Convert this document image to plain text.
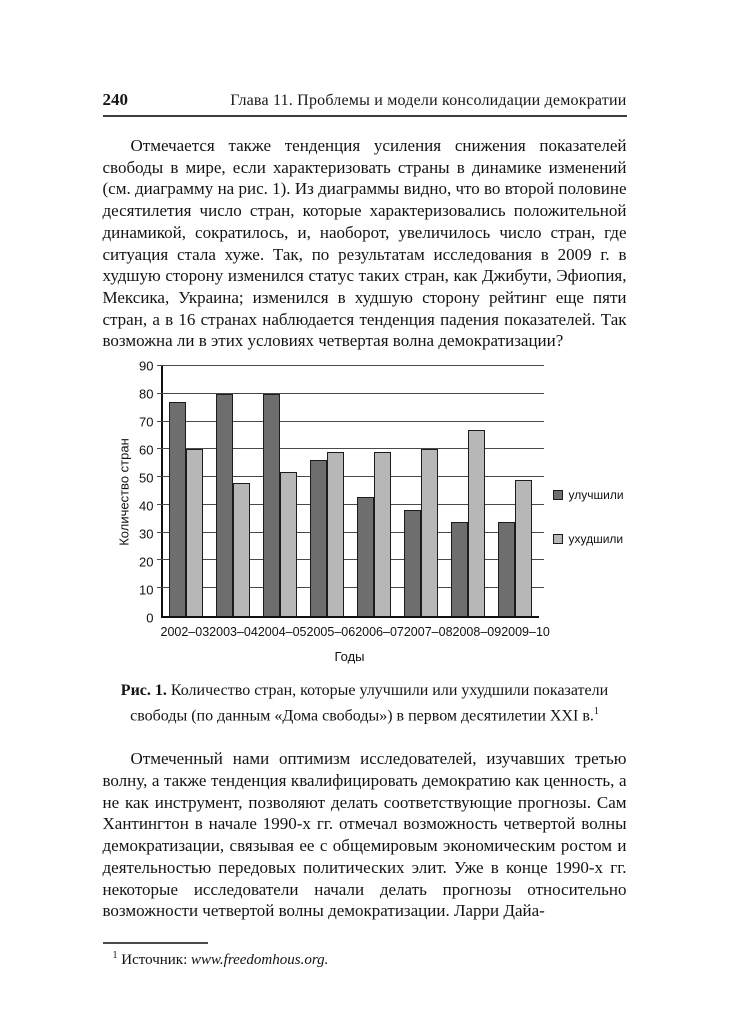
240	Глава 11. Проблемы и модели консолидации демократии

Отмечается также тенденция усиления снижения показателей свободы в мире, если характеризовать страны в динамике изменений (см. диаграмму на рис. 1). Из диаграммы видно, что во второй половине десятилетия число стран, которые характеризовались положительной динамикой, сократилось, и, наоборот, увеличилось число стран, где ситуация стала хуже. Так, по результатам исследования в 2009 г. в худшую сторону изменился статус таких стран, как Джибути, Эфиопия, Мексика, Украина; изменился в худшую сторону рейтинг еще пяти стран, а в 16 странах наблюдается тенденция падения показателей. Так возможна ли в этих условиях четвертая волна демократизации?

Количество стран
90
80
70
60
50
40
30
20
10
0
2002–03 2003–04 2004–05 2005–06 2006–07 2007–08 2008–09 2009–10
Годы
улучшили
ухудшили

Рис. 1. Количество стран, которые улучшили или ухудшили показатели свободы (по данным «Дома свободы») в первом десятилетии XXI в.$^1$

Отмеченный нами оптимизм исследователей, изучавших третью волну, а также тенденция квалифицировать демократию как ценность, а не как инструмент, позволяют делать соответствующие прогнозы. Сам Хантингтон в начале 1990-х гг. отмечал возможность четвертой волны демократизации, связывая ее с общемировым экономическим ростом и деятельностью передовых политических элит. Уже в конце 1990-х гг. некоторые исследователи начали делать прогнозы относительно возможности четвертой волны демократизации. Ларри Дайа-

$^1$ Источник: www.freedomhous.org.
